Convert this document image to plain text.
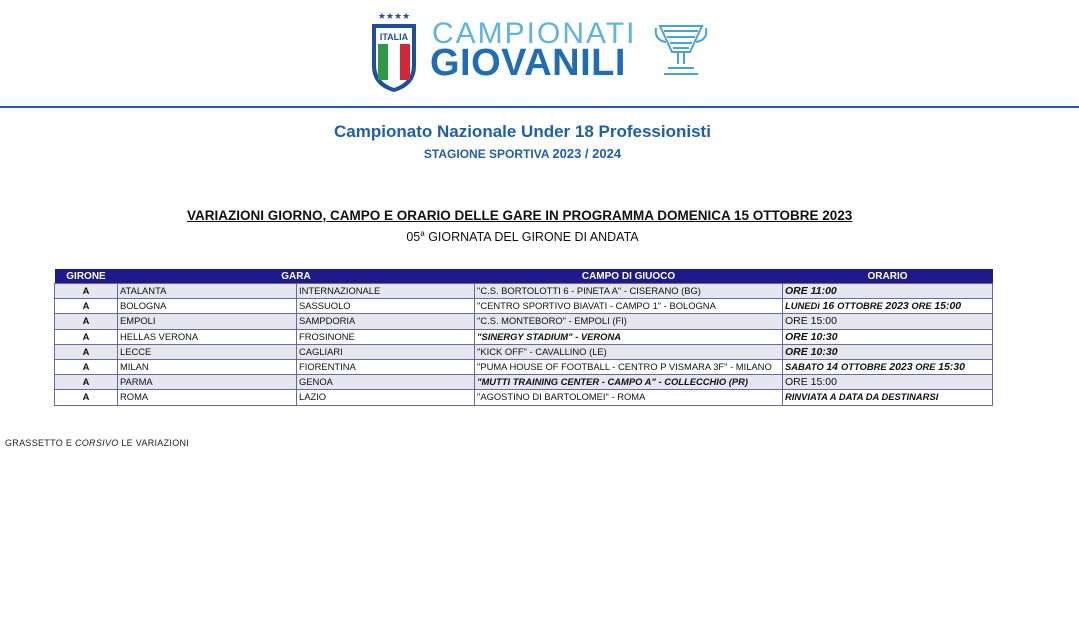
ITALIA
★★★★ CAMPIONATI
GIOVANILI
Campionato Nazionale Under 18 Professionisti
STAGIONE SPORTIVA 2023 / 2024
VARIAZIONI GIORNO, CAMPO E ORARIO DELLE GARE IN PROGRAMMA DOMENICA 15 OTTOBRE 2023
05$^a$ GIORNATA DEL GIRONE DI ANDATA
GIRONE	GARA		CAMPO DI GIUOCO	ORARIO
A	ATALANTA	INTERNAZIONALE	"C.S. BORTOLOTTI 6 - PINETA A" - CISERANO (BG)	ORE 11:00
A	BOLOGNA	SASSUOLO	"CENTRO SPORTIVO BIAVATI - CAMPO 1" - BOLOGNA	LUNEDì 16 OTTOBRE 2023 ORE 15:00
A	EMPOLI	SAMPDORIA	"C.S. MONTEBORO" - EMPOLI (FI)	ORE 15:00
A	HELLAS VERONA	FROSINONE	"SINERGY STADIUM" - VERONA	ORE 10:30
A	LECCE	CAGLIARI	"KICK OFF" - CAVALLINO (LE)	ORE 10:30
A	MILAN	FIORENTINA	"PUMA HOUSE OF FOOTBALL - CENTRO P VISMARA 3F" - MILANO	SABATO 14 OTTOBRE 2023 ORE 15:30
A	PARMA	GENOA	"MUTTI TRAINING CENTER - CAMPO A" - COLLECCHIO (PR)	ORE 15:00
A	ROMA	LAZIO	"AGOSTINO DI BARTOLOMEI" - ROMA	RINVIATA A DATA DA DESTINARSI
GRASSETTO E CORSIVO LE VARIAZIONI
